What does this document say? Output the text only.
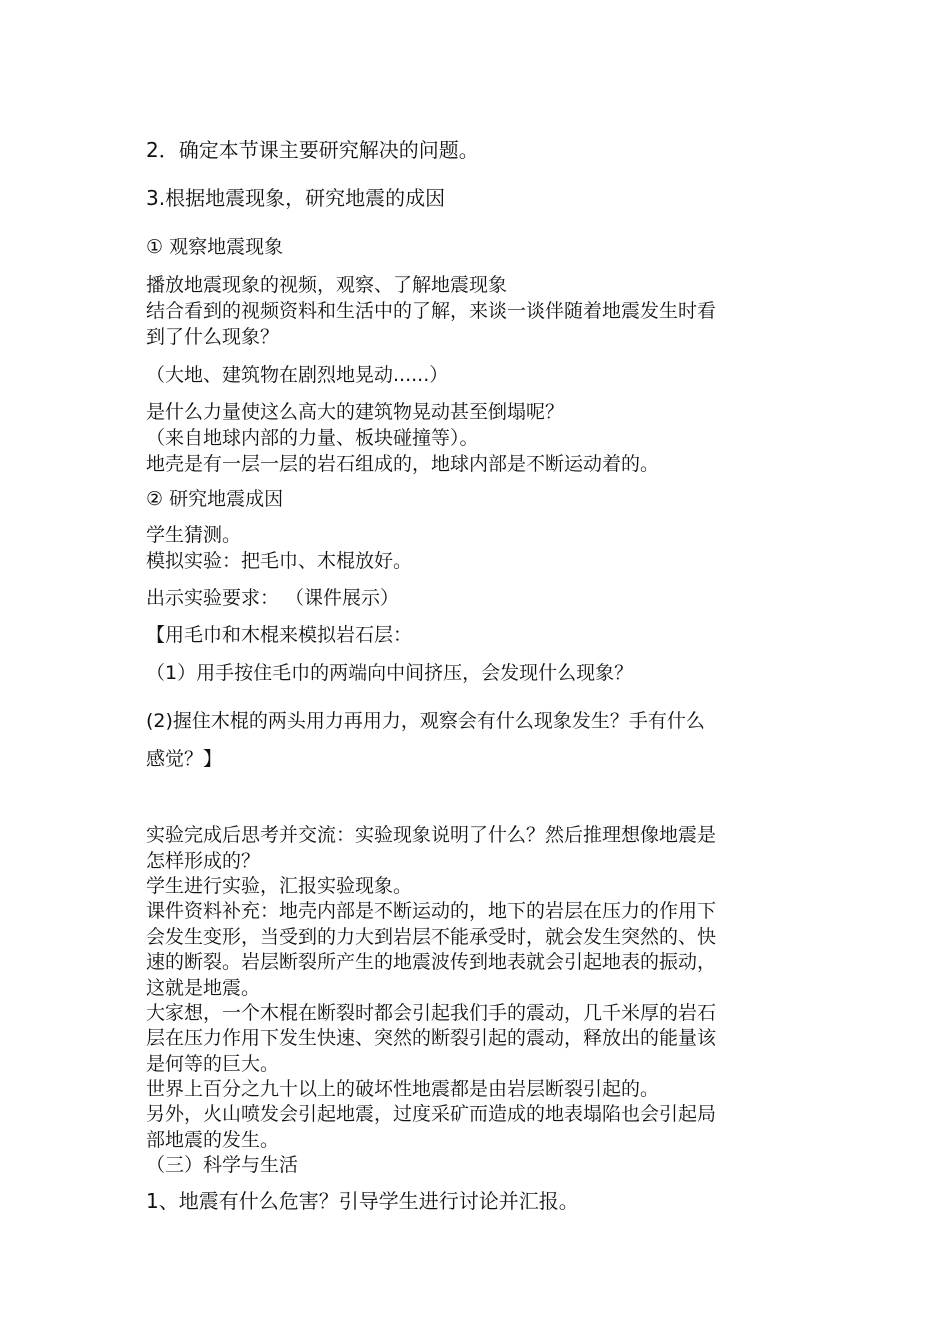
2．确定本节课主要研究解决的问题。
3.根据地震现象，研究地震的成因
① 观察地震现象
播放地震现象的视频，观察、了解地震现象
结合看到的视频资料和生活中的了解，来谈一谈伴随着地震发生时看
到了什么现象？
（大地、建筑物在剧烈地晃动......）
是什么力量使这么高大的建筑物晃动甚至倒塌呢？
（来自地球内部的力量、板块碰撞等）。
地壳是有一层一层的岩石组成的，地球内部是不断运动着的。
② 研究地震成因
学生猜测。
模拟实验：把毛巾、木棍放好。
出示实验要求： （课件展示）
【用毛巾和木棍来模拟岩石层：
（1）用手按住毛巾的两端向中间挤压，会发现什么现象？
(2)握住木棍的两头用力再用力，观察会有什么现象发生？手有什么
感觉？】
实验完成后思考并交流：实验现象说明了什么？然后推理想像地震是
怎样形成的？
学生进行实验，汇报实验现象。
课件资料补充：地壳内部是不断运动的，地下的岩层在压力的作用下
会发生变形，当受到的力大到岩层不能承受时，就会发生突然的、快
速的断裂。岩层断裂所产生的地震波传到地表就会引起地表的振动，
这就是地震。
大家想，一个木棍在断裂时都会引起我们手的震动，几千米厚的岩石
层在压力作用下发生快速、突然的断裂引起的震动，释放出的能量该
是何等的巨大。
世界上百分之九十以上的破坏性地震都是由岩层断裂引起的。
另外，火山喷发会引起地震，过度采矿而造成的地表塌陷也会引起局
部地震的发生。
（三）科学与生活
1、地震有什么危害？引导学生进行讨论并汇报。
